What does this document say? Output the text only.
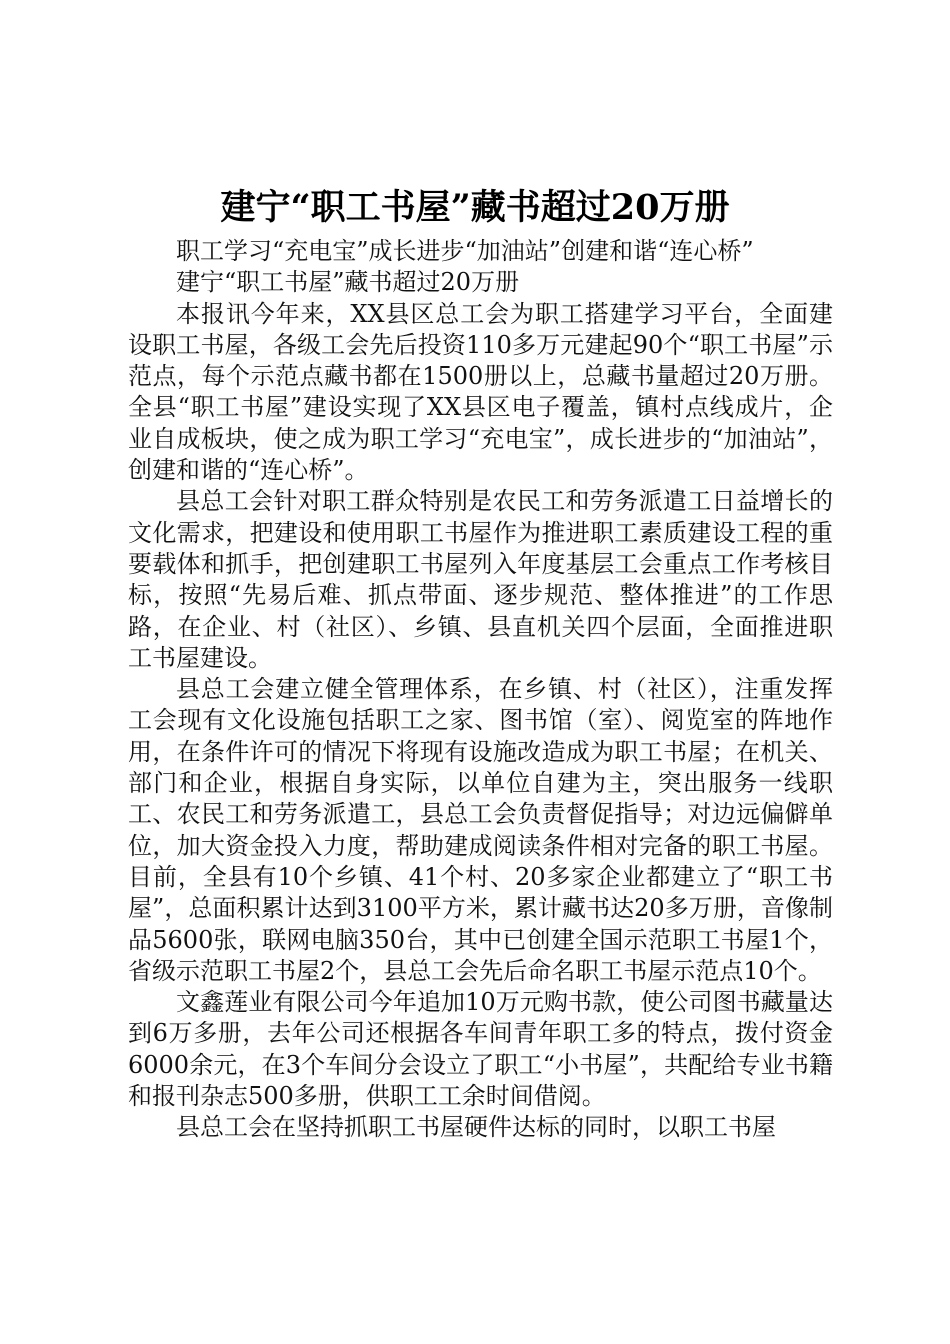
建宁“职工书屋”藏书超过20万册

职工学习“充电宝”成长进步“加油站”创建和谐“连心桥”

建宁“职工书屋”藏书超过20万册

本报讯今年来，XX县区总工会为职工搭建学习平台，全面建设职工书屋，各级工会先后投资110多万元建起90个“职工书屋”示范点，每个示范点藏书都在1500册以上，总藏书量超过20万册。全县“职工书屋”建设实现了XX县区电子覆盖，镇村点线成片，企业自成板块，使之成为职工学习“充电宝”，成长进步的“加油站”，创建和谐的“连心桥”。

县总工会针对职工群众特别是农民工和劳务派遣工日益增长的文化需求，把建设和使用职工书屋作为推进职工素质建设工程的重要载体和抓手，把创建职工书屋列入年度基层工会重点工作考核目标，按照“先易后难、抓点带面、逐步规范、整体推进”的工作思路，在企业、村（社区）、乡镇、县直机关四个层面，全面推进职工书屋建设。

县总工会建立健全管理体系，在乡镇、村（社区），注重发挥工会现有文化设施包括职工之家、图书馆（室）、阅览室的阵地作用，在条件许可的情况下将现有设施改造成为职工书屋；在机关、部门和企业，根据自身实际，以单位自建为主，突出服务一线职工、农民工和劳务派遣工，县总工会负责督促指导；对边远偏僻单位，加大资金投入力度，帮助建成阅读条件相对完备的职工书屋。目前，全县有10个乡镇、41个村、20多家企业都建立了“职工书屋”，总面积累计达到3100平方米，累计藏书达20多万册，音像制品5600张，联网电脑350台，其中已创建全国示范职工书屋1个，省级示范职工书屋2个，县总工会先后命名职工书屋示范点10个。

文鑫莲业有限公司今年追加10万元购书款，使公司图书藏量达到6万多册，去年公司还根据各车间青年职工多的特点，拨付资金6000余元，在3个车间分会设立了职工“小书屋”，共配给专业书籍和报刊杂志500多册，供职工工余时间借阅。

县总工会在坚持抓职工书屋硬件达标的同时，以职工书屋
